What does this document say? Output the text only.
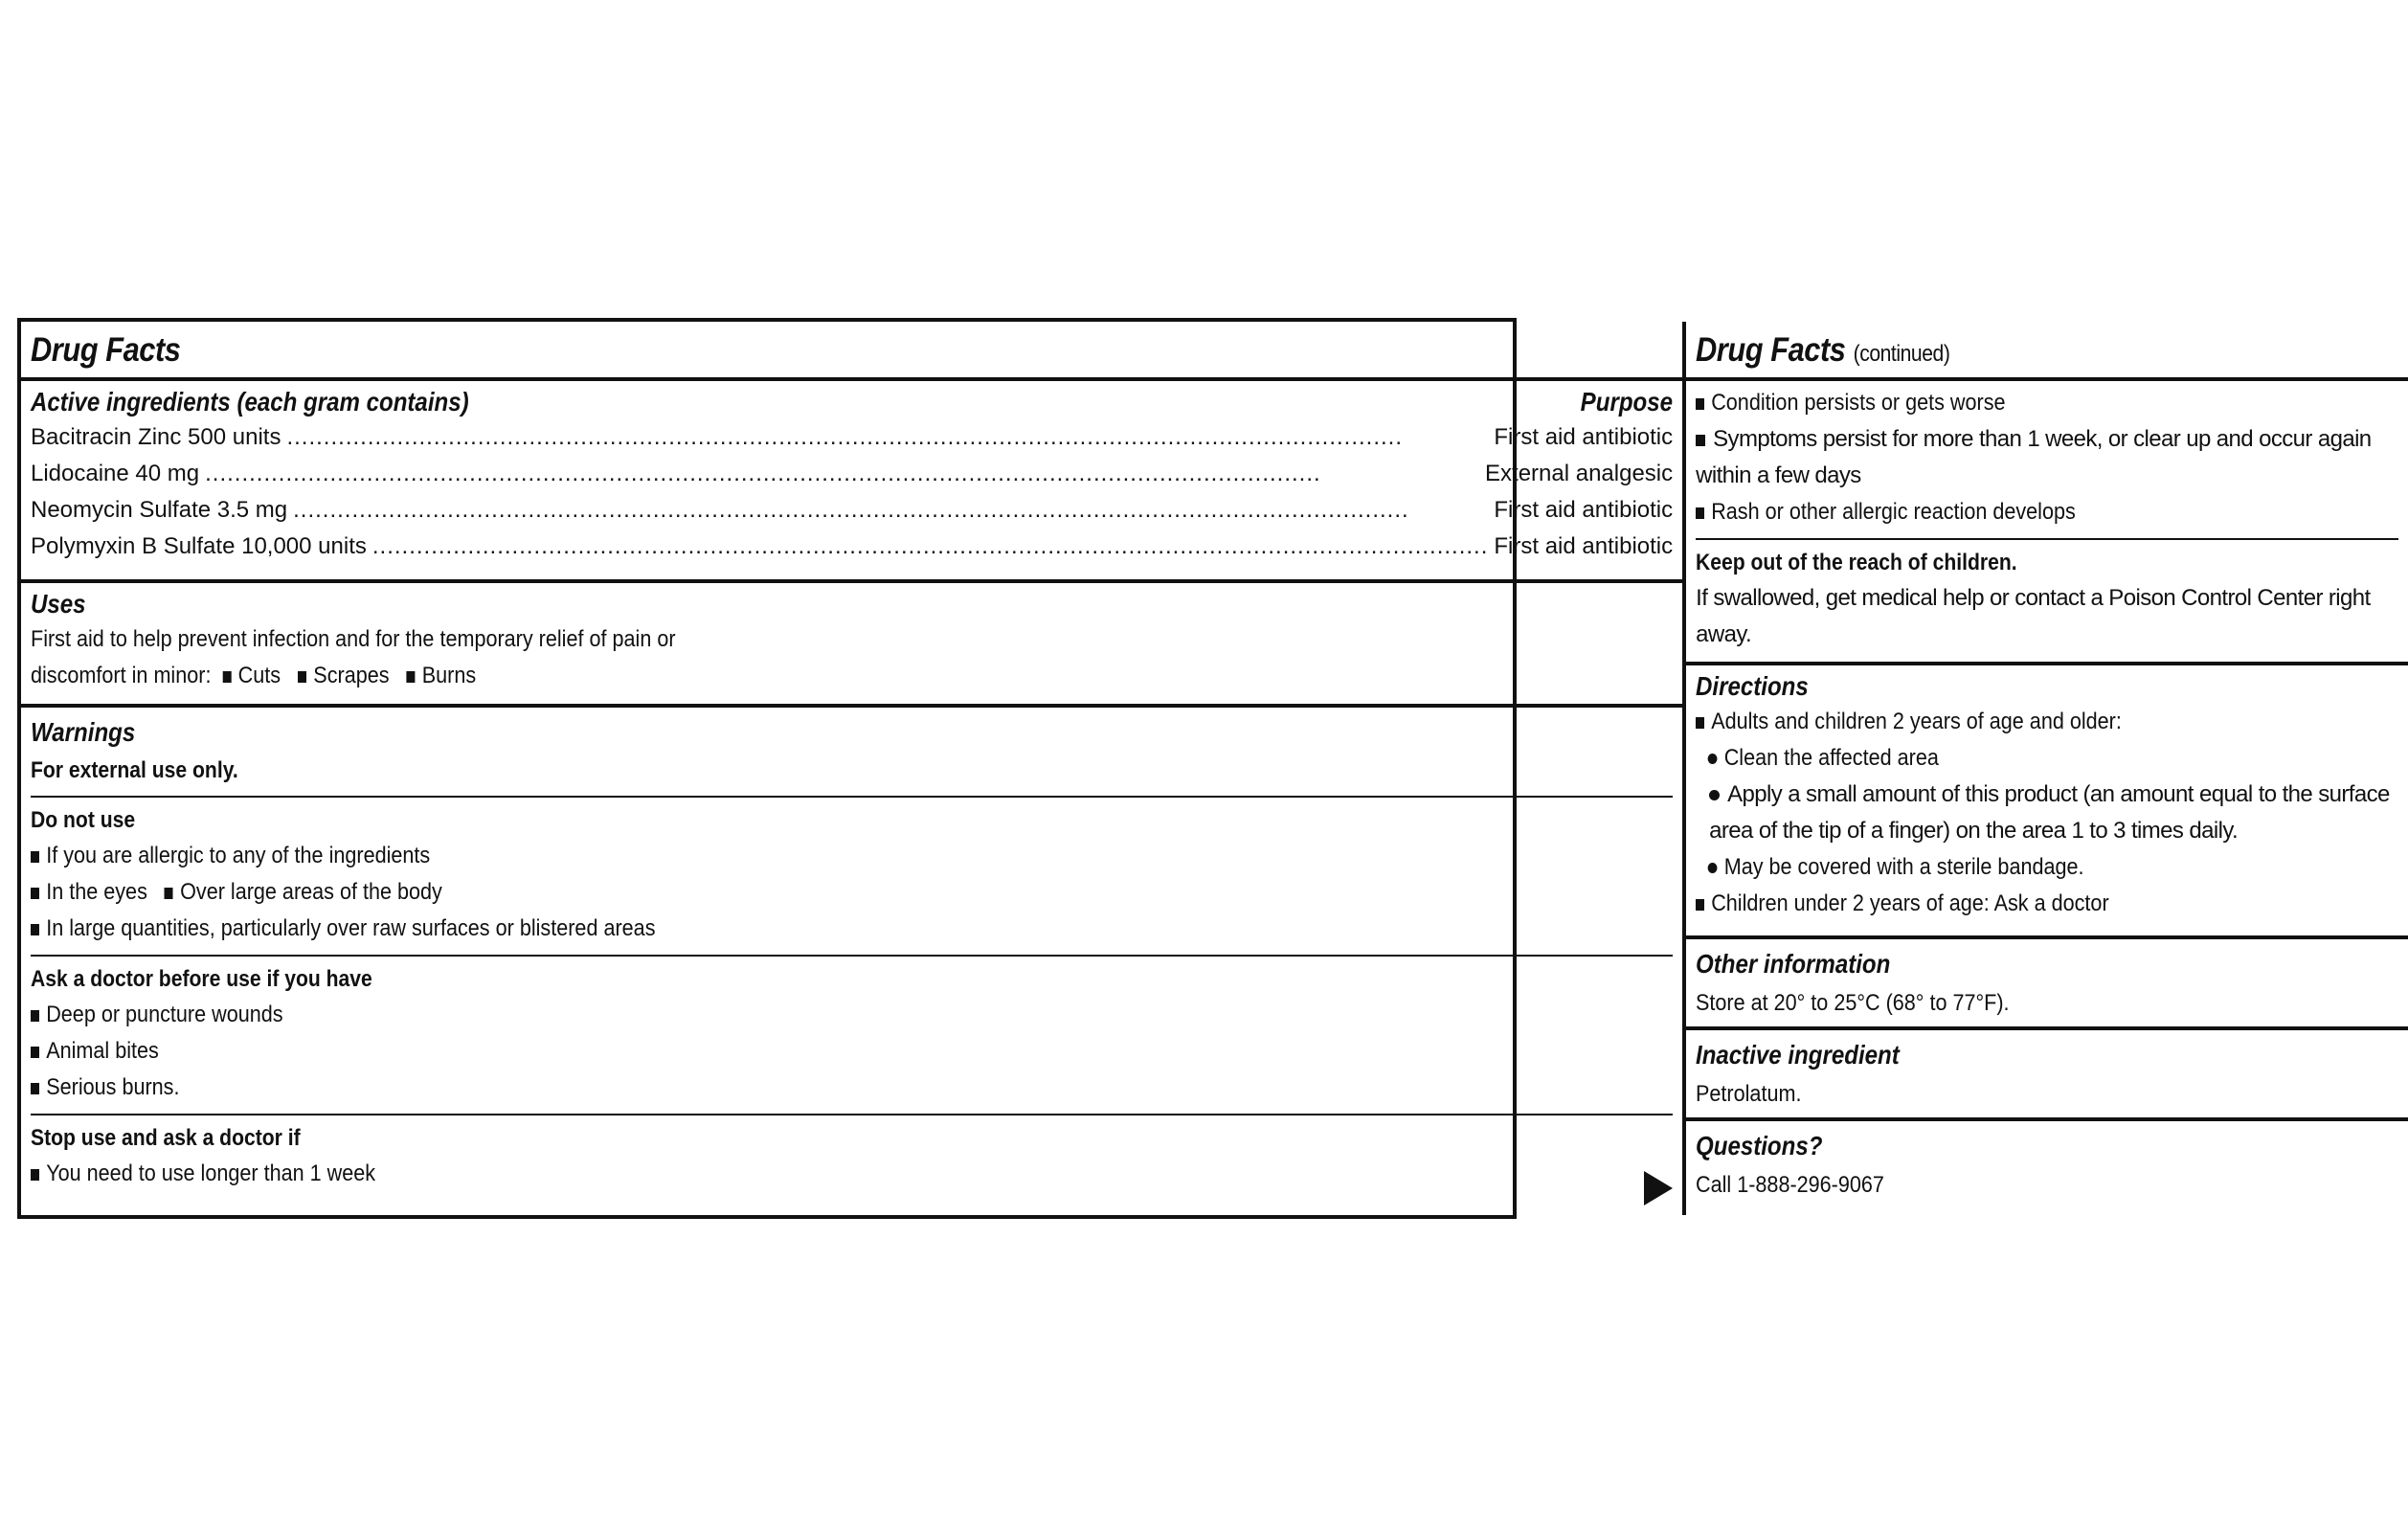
Drug Facts
Active ingredients (each gram contains)	Purpose
Bacitracin Zinc 500 units .....	First aid antibiotic
Lidocaine 40 mg .....	External analgesic
Neomycin Sulfate 3.5 mg .....	First aid antibiotic
Polymyxin B Sulfate 10,000 units .....	First aid antibiotic
Uses
First aid to help prevent infection and for the temporary relief of pain or
discomfort in minor: Cuts Scrapes Burns
Warnings
For external use only.
Do not use
If you are allergic to any of the ingredients
In the eyes Over large areas of the body
In large quantities, particularly over raw surfaces or blistered areas
Ask a doctor before use if you have
Deep or puncture wounds
Animal bites
Serious burns.
Stop use and ask a doctor if
You need to use longer than 1 week
Drug Facts (continued)
Condition persists or gets worse
Symptoms persist for more than 1 week, or clear up and occur again within a few days
Rash or other allergic reaction develops
Keep out of the reach of children.
If swallowed, get medical help or contact a Poison Control Center right away.
Directions
Adults and children 2 years of age and older:
Clean the affected area
Apply a small amount of this product (an amount equal to the surface area of the tip of a finger) on the area 1 to 3 times daily.
May be covered with a sterile bandage.
Children under 2 years of age: Ask a doctor
Other information
Store at 20° to 25°C (68° to 77°F).
Inactive ingredient
Petrolatum.
Questions?
Call 1-888-296-9067
